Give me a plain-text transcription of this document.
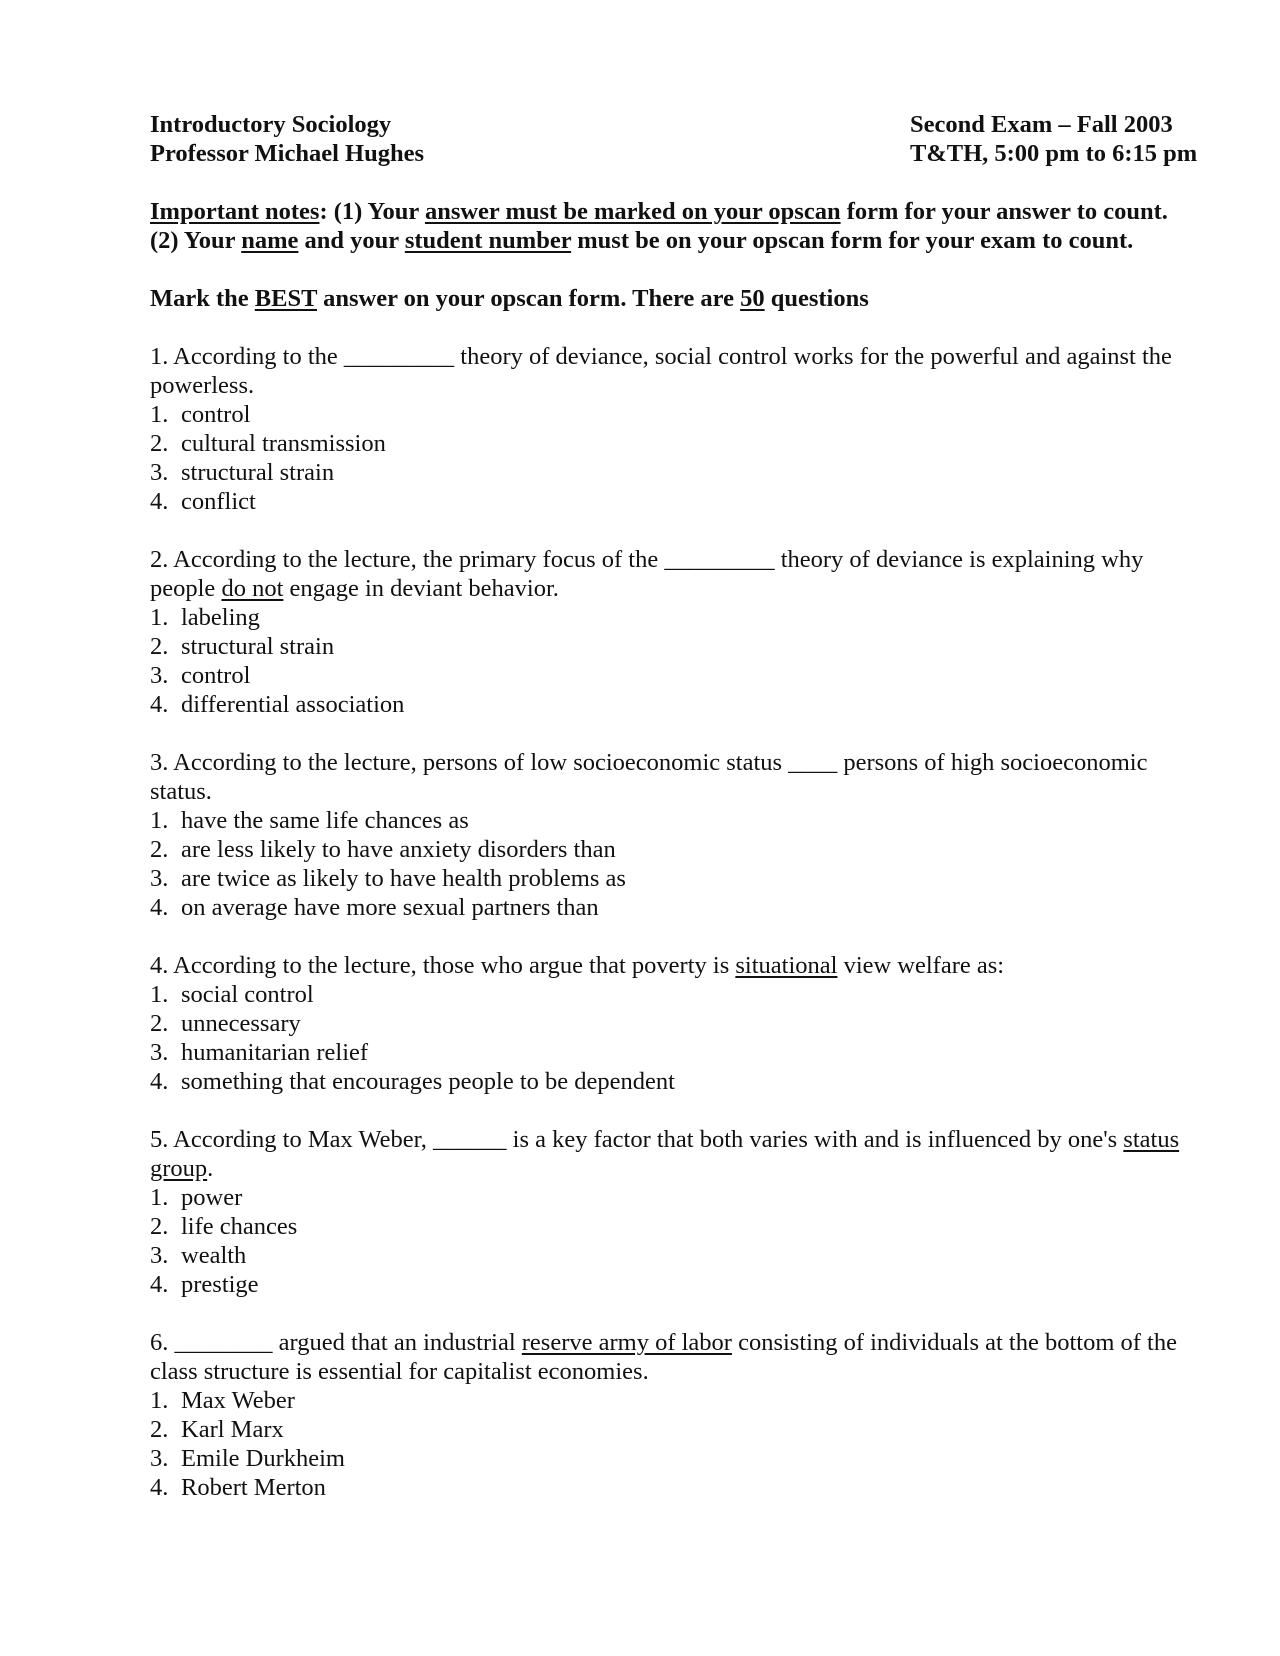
Introductory Sociology	Second Exam – Fall 2003
Professor Michael Hughes	T&TH, 5:00 pm to 6:15 pm
Important notes: (1) Your answer must be marked on your opscan form for your answer to count. (2) Your name and your student number must be on your opscan form for your exam to count.
Mark the BEST answer on your opscan form. There are 50 questions
1. According to the _________ theory of deviance, social control works for the powerful and against the powerless.
1. control
2. cultural transmission
3. structural strain
4. conflict
2. According to the lecture, the primary focus of the _________ theory of deviance is explaining why people do not engage in deviant behavior.
1. labeling
2. structural strain
3. control
4. differential association
3. According to the lecture, persons of low socioeconomic status ____ persons of high socioeconomic status.
1. have the same life chances as
2. are less likely to have anxiety disorders than
3. are twice as likely to have health problems as
4. on average have more sexual partners than
4. According to the lecture, those who argue that poverty is situational view welfare as:
1. social control
2. unnecessary
3. humanitarian relief
4. something that encourages people to be dependent
5. According to Max Weber, ______ is a key factor that both varies with and is influenced by one's status group.
1. power
2. life chances
3. wealth
4. prestige
6. ________ argued that an industrial reserve army of labor consisting of individuals at the bottom of the class structure is essential for capitalist economies.
1. Max Weber
2. Karl Marx
3. Emile Durkheim
4. Robert Merton
